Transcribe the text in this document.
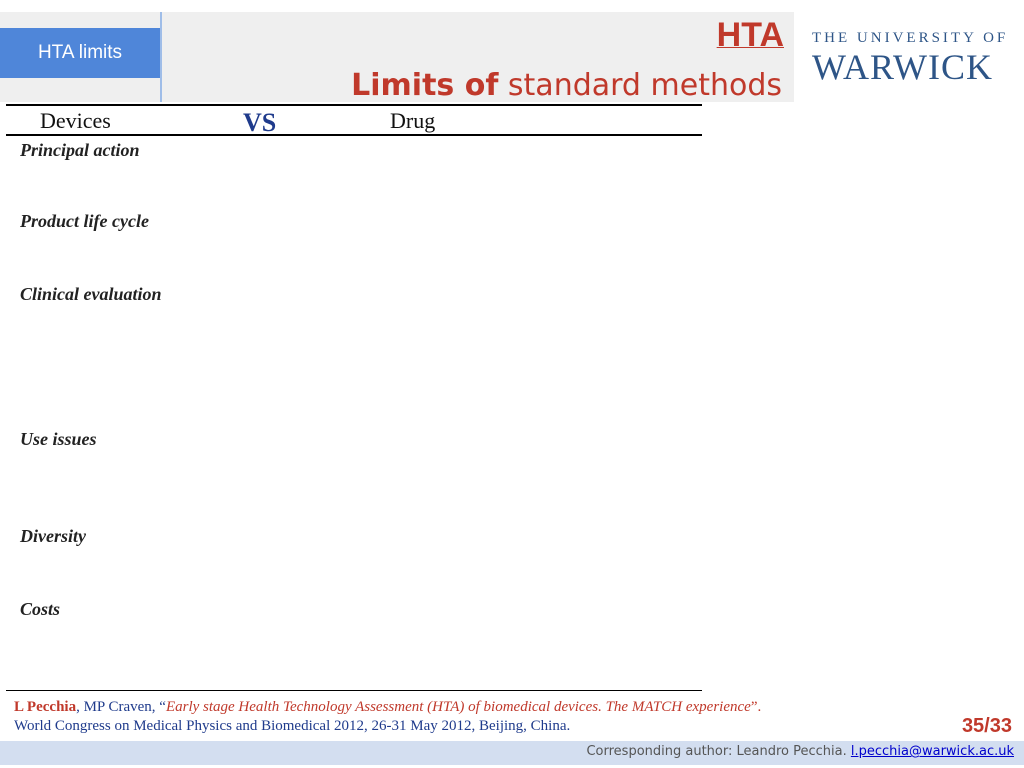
HTA limits	HTA
Limits of standard methods
THE UNIVERSITY OF
WARWICK
Devices	VS	Drug
Principal action
Product life cycle
Clinical evaluation
Use issues
Diversity
Costs
L Pecchia, MP Craven, “Early stage Health Technology Assessment (HTA) of biomedical devices. The MATCH experience”.
World Congress on Medical Physics and Biomedical 2012, 26-31 May 2012, Beijing, China.	35/33
Corresponding author: Leandro Pecchia. l.pecchia@warwick.ac.uk
